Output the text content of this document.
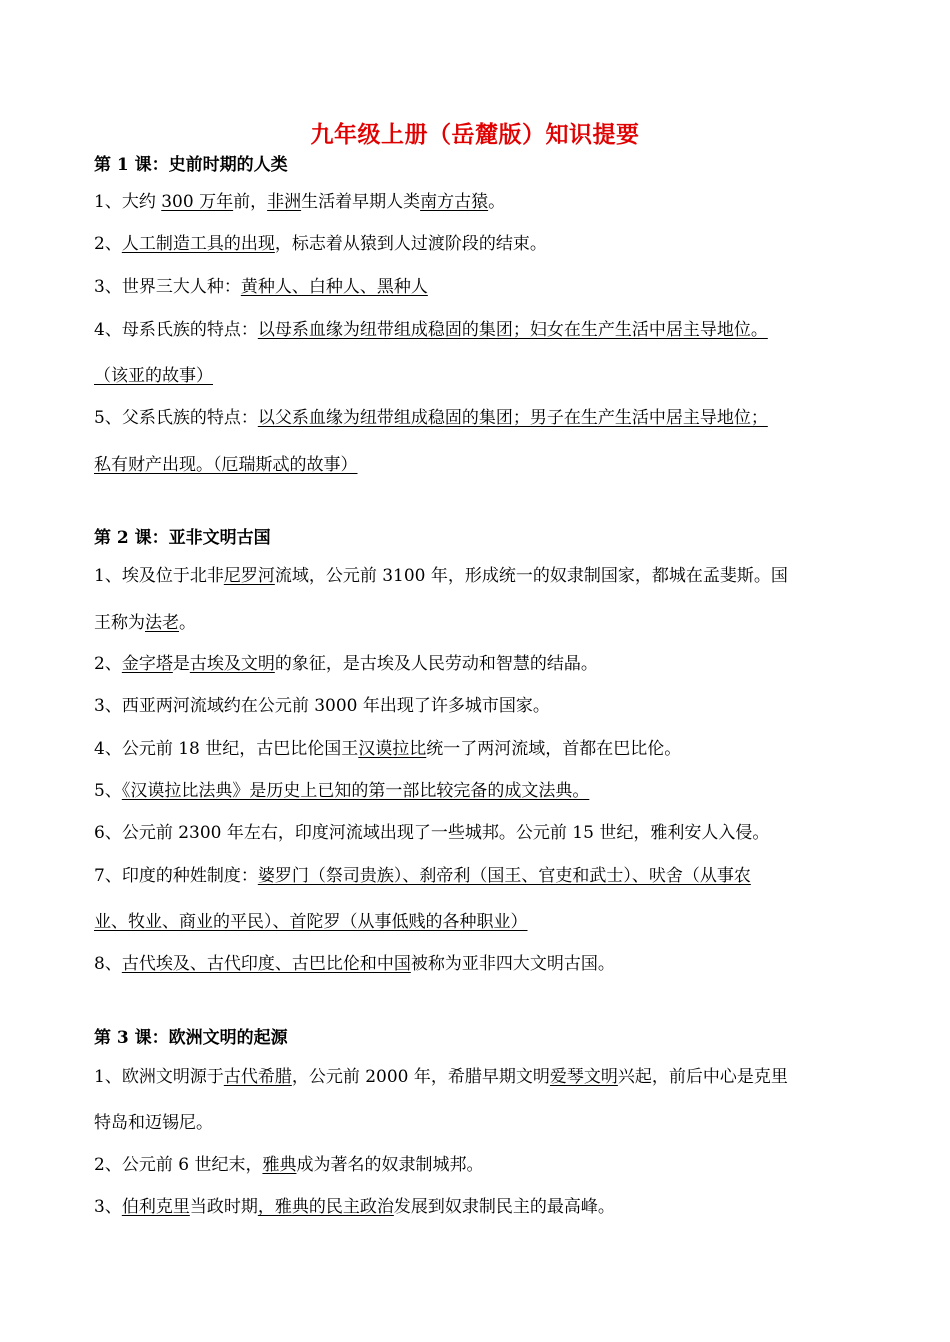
九年级上册（岳麓版）知识提要
第 1 课：史前时期的人类
1、大约 300 万年前，非洲生活着早期人类南方古猿。
2、人工制造工具的出现，标志着从猿到人过渡阶段的结束。
3、世界三大人种：黄种人、白种人、黑种人
4、母系氏族的特点：以母系血缘为纽带组成稳固的集团；妇女在生产生活中居主导地位。
（该亚的故事）
5、父系氏族的特点：以父系血缘为纽带组成稳固的集团；男子在生产生活中居主导地位；
私有财产出现。（厄瑞斯忒的故事）
第 2 课：亚非文明古国
1、埃及位于北非尼罗河流域，公元前 3100 年，形成统一的奴隶制国家，都城在孟斐斯。国
王称为法老。
2、金字塔是古埃及文明的象征，是古埃及人民劳动和智慧的结晶。
3、西亚两河流域约在公元前 3000 年出现了许多城市国家。
4、公元前 18 世纪，古巴比伦国王汉谟拉比统一了两河流域，首都在巴比伦。
5、《汉谟拉比法典》是历史上已知的第一部比较完备的成文法典。
6、公元前 2300 年左右，印度河流域出现了一些城邦。公元前 15 世纪，雅利安人入侵。
7、印度的种姓制度：婆罗门（祭司贵族）、刹帝利（国王、官吏和武士）、吠舍（从事农
业、牧业、商业的平民）、首陀罗（从事低贱的各种职业）
8、古代埃及、古代印度、古巴比伦和中国被称为亚非四大文明古国。
第 3 课：欧洲文明的起源
1、欧洲文明源于古代希腊，公元前 2000 年，希腊早期文明爱琴文明兴起，前后中心是克里
特岛和迈锡尼。
2、公元前 6 世纪末，雅典成为著名的奴隶制城邦。
3、伯利克里当政时期，雅典的民主政治发展到奴隶制民主的最高峰。
